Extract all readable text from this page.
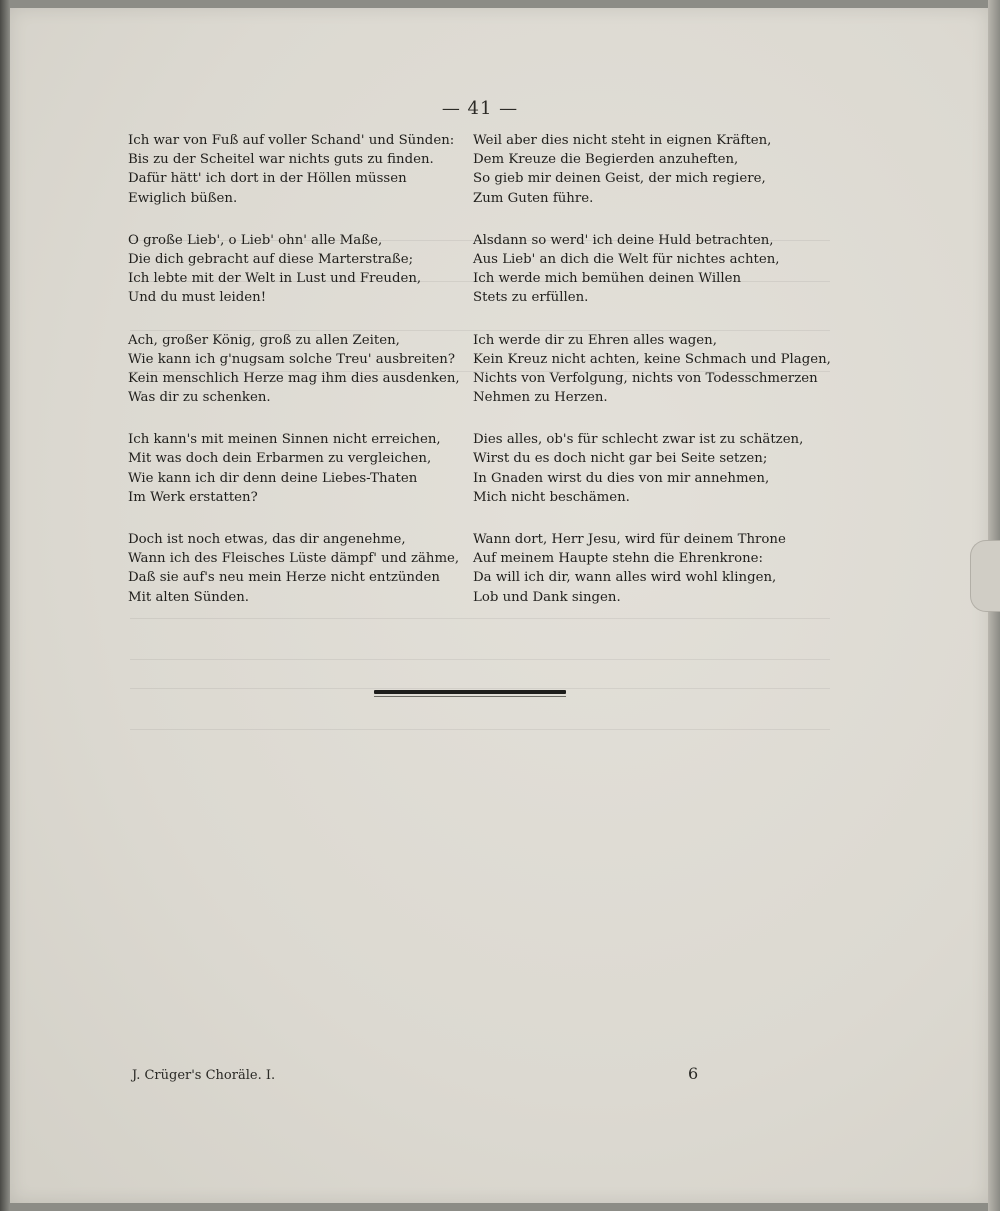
— 41 —
Ich war von Fuß auf voller Schand' und Sünden:
Bis zu der Scheitel war nichts guts zu finden.
Dafür hätt' ich dort in der Höllen müssen
Ewiglich büßen.
O große Lieb', o Lieb' ohn' alle Maße,
Die dich gebracht auf diese Marterstraße;
Ich lebte mit der Welt in Lust und Freuden,
Und du must leiden!
Ach, großer König, groß zu allen Zeiten,
Wie kann ich g'nugsam solche Treu' ausbreiten?
Kein menschlich Herze mag ihm dies ausdenken,
Was dir zu schenken.
Ich kann's mit meinen Sinnen nicht erreichen,
Mit was doch dein Erbarmen zu vergleichen,
Wie kann ich dir denn deine Liebes-Thaten
Im Werk erstatten?
Doch ist noch etwas, das dir angenehme,
Wann ich des Fleisches Lüste dämpf' und zähme,
Daß sie auf's neu mein Herze nicht entzünden
Mit alten Sünden.
Weil aber dies nicht steht in eignen Kräften,
Dem Kreuze die Begierden anzuheften,
So gieb mir deinen Geist, der mich regiere,
Zum Guten führe.
Alsdann so werd' ich deine Huld betrachten,
Aus Lieb' an dich die Welt für nichtes achten,
Ich werde mich bemühen deinen Willen
Stets zu erfüllen.
Ich werde dir zu Ehren alles wagen,
Kein Kreuz nicht achten, keine Schmach und Plagen,
Nichts von Verfolgung, nichts von Todesschmerzen
Nehmen zu Herzen.
Dies alles, ob's für schlecht zwar ist zu schätzen,
Wirst du es doch nicht gar bei Seite setzen;
In Gnaden wirst du dies von mir annehmen,
Mich nicht beschämen.
Wann dort, Herr Jesu, wird für deinem Throne
Auf meinem Haupte stehn die Ehrenkrone:
Da will ich dir, wann alles wird wohl klingen,
Lob und Dank singen.
J. Crüger's Choräle. I.	6
